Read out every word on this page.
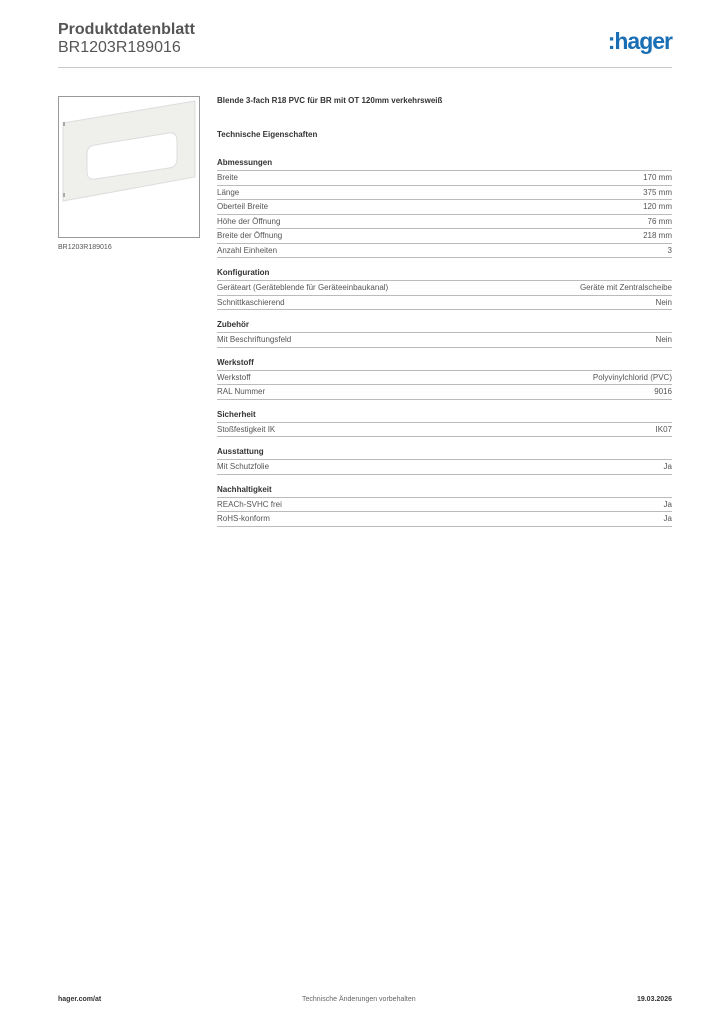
Produktdatenblatt
BR1203R189016	:hager
BR1203R189016
Blende 3-fach R18 PVC für BR mit OT 120mm verkehrsweiß
Technische Eigenschaften
Abmessungen
Breite	170 mm
Länge	375 mm
Oberteil Breite	120 mm
Höhe der Öffnung	76 mm
Breite der Öffnung	218 mm
Anzahl Einheiten	3
Konfiguration
Geräteart (Geräteblende für Geräteeinbaukanal)	Geräte mit Zentralscheibe
Schnittkaschierend	Nein
Zubehör
Mit Beschriftungsfeld	Nein
Werkstoff
Werkstoff	Polyvinylchlorid (PVC)
RAL Nummer	9016
Sicherheit
Stoßfestigkeit IK	IK07
Ausstattung
Mit Schutzfolie	Ja
Nachhaltigkeit
REACh-SVHC frei	Ja
RoHS-konform	Ja
hager.com/at	Technische Änderungen vorbehalten	19.03.2026
